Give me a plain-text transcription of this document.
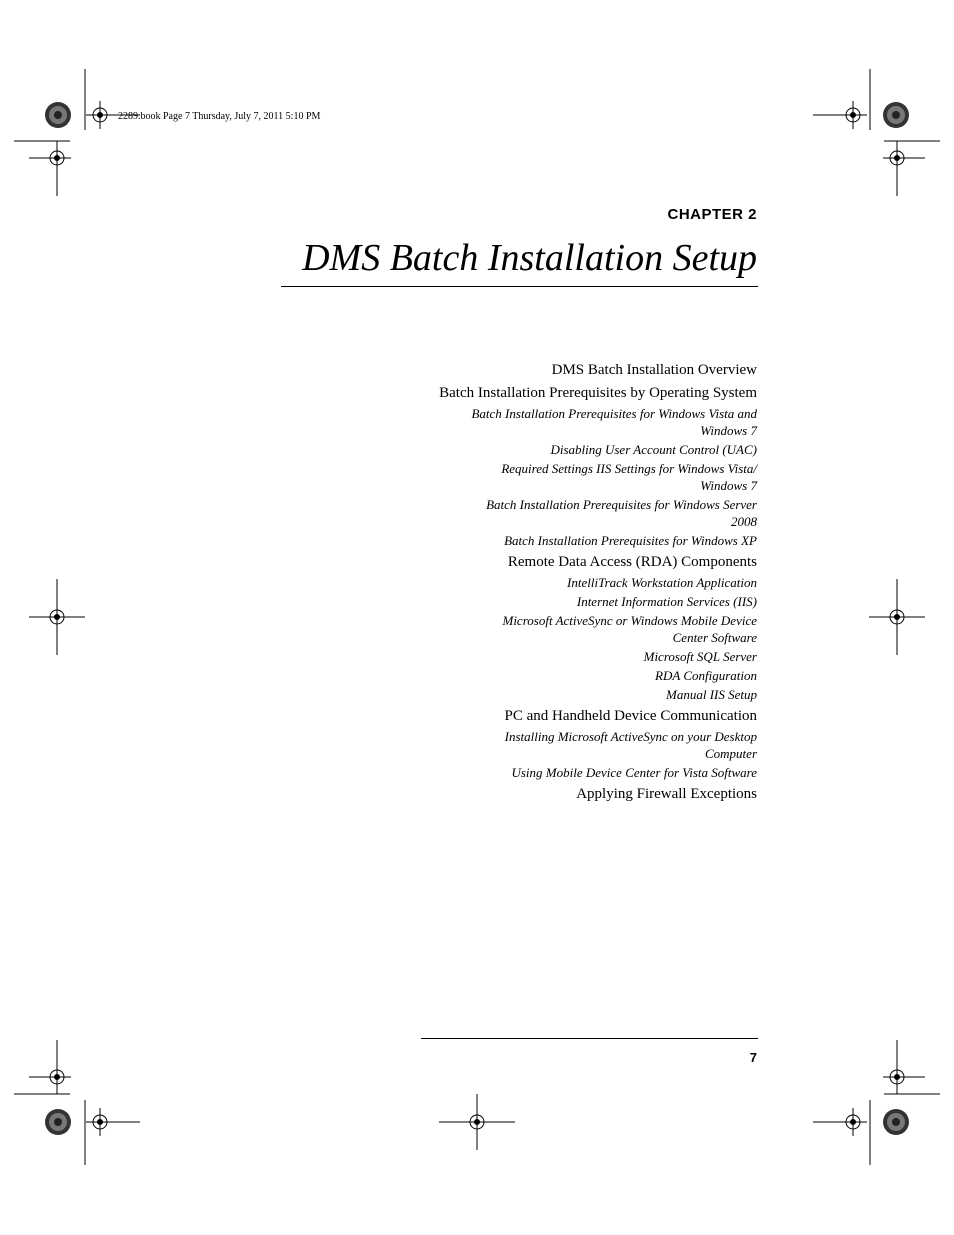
2289.book Page 7 Thursday, July 7, 2011 5:10 PM
CHAPTER 2
DMS Batch Installation Setup
DMS Batch Installation Overview
Batch Installation Prerequisites by Operating System
Batch Installation Prerequisites for Windows Vista and
Windows 7
Disabling User Account Control (UAC)
Required Settings IIS Settings for Windows Vista/
Windows 7
Batch Installation Prerequisites for Windows Server
2008
Batch Installation Prerequisites for Windows XP
Remote Data Access (RDA) Components
IntelliTrack Workstation Application
Internet Information Services (IIS)
Microsoft ActiveSync or Windows Mobile Device
Center Software
Microsoft SQL Server
RDA Configuration
Manual IIS Setup
PC and Handheld Device Communication
Installing Microsoft ActiveSync on your Desktop
Computer
Using Mobile Device Center for Vista Software
Applying Firewall Exceptions
7
